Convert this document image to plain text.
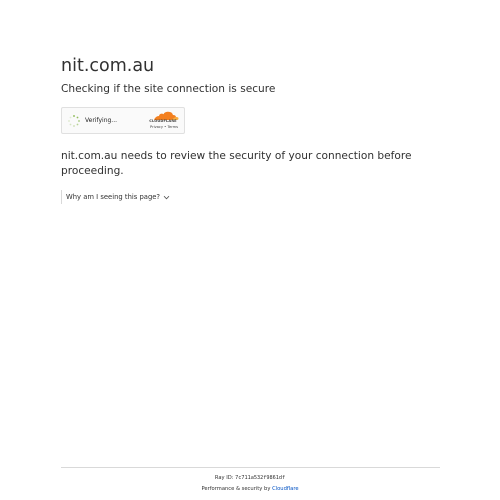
nit.com.au

Checking if the site connection is secure

Verifying...	CLOUDFLARE
Privacy • Terms

nit.com.au needs to review the security of your connection before proceeding.

Why am I seeing this page?
Ray ID: 7c711a532f9861df
Performance & security by Cloudflare
